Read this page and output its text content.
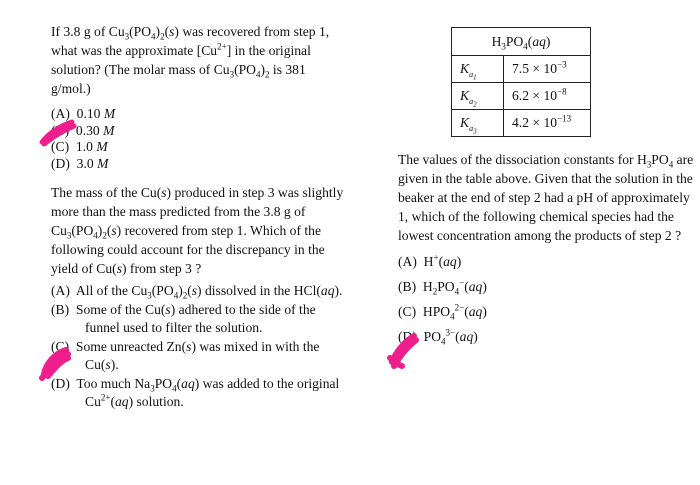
If 3.8 g of $Cu_3(PO_4)_2(s)$ was recovered from step 1, what was the approximate $[Cu^{2+}]$ in the original solution? (The molar mass of $Cu_3(PO_4)_2$ is 381 g/mol.)

(A)  0.10 M
(B)  0.30 M
(C)  1.0 M
(D)  3.0 M

The mass of the Cu(s) produced in step 3 was slightly more than the mass predicted from the 3.8 g of $Cu_3(PO_4)_2(s)$ recovered from step 1. Which of the following could account for the discrepancy in the yield of Cu(s) from step 3 ?

(A)  All of the $Cu_3(PO_4)_2(s)$ dissolved in the HCl(aq).
(B)  Some of the Cu(s) adhered to the side of the funnel used to filter the solution.
(C)  Some unreacted Zn(s) was mixed in with the Cu(s).
(D)  Too much $Na_3PO_4(aq)$ was added to the original $Cu^{2+}(aq)$ solution.
$H_3PO_4(aq)$	
$K_{a_1}$	$7.5 \times 10^{-3}$
$K_{a_2}$	$6.2 \times 10^{-8}$
$K_{a_3}$	$4.2 \times 10^{-13}$

The values of the dissociation constants for $H_3PO_4$ are given in the table above. Given that the solution in the beaker at the end of step 2 had a pH of approximately 1, which of the following chemical species had the lowest concentration among the products of step 2 ?

(A)  H+(aq)
(B)  $H_2PO_4^-(aq)$
(C)  $HPO_4^{2-}(aq)$
(D)  $PO_4^{3-}(aq)$
